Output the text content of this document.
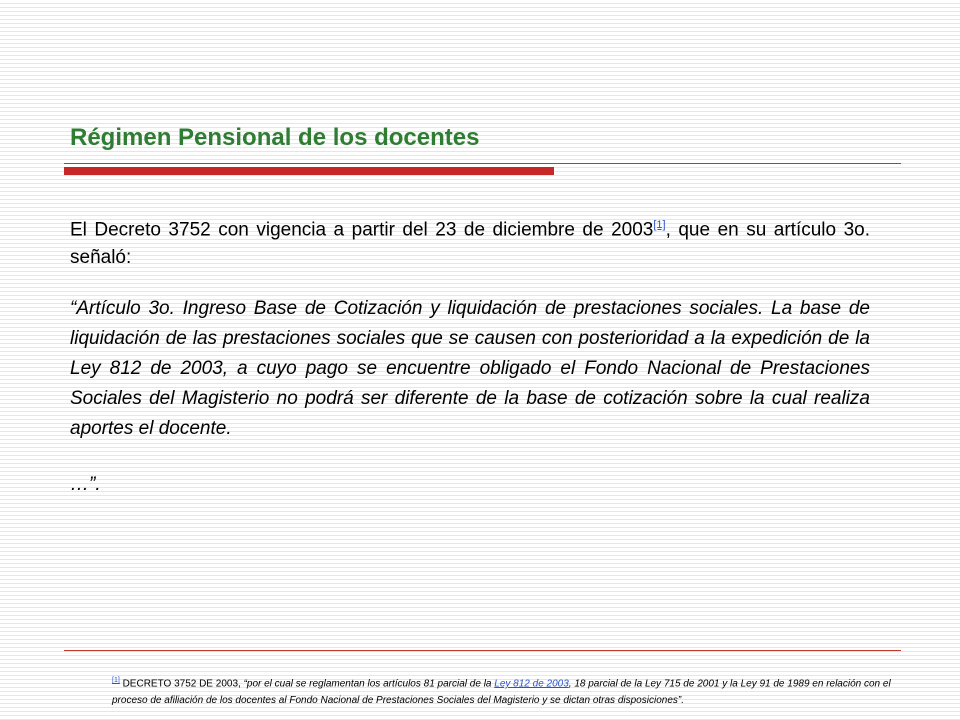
Régimen Pensional de los docentes

El Decreto 3752 con vigencia a partir del 23 de diciembre de 2003[1], que en su artículo 3o. señaló:

“Artículo 3o. Ingreso Base de Cotización y liquidación de prestaciones sociales. La base de liquidación de las prestaciones sociales que se causen con posterioridad a la expedición de la Ley 812 de 2003, a cuyo pago se encuentre obligado el Fondo Nacional de Prestaciones Sociales del Magisterio no podrá ser diferente de la base de cotización sobre la cual realiza aportes el docente.

…”.

[1] DECRETO 3752 DE 2003, “por el cual se reglamentan los artículos 81 parcial de la Ley 812 de 2003, 18 parcial de la Ley 715 de 2001 y la Ley 91 de 1989 en relación con el proceso de afiliación de los docentes al Fondo Nacional de Prestaciones Sociales del Magisterio y se dictan otras disposiciones”.
